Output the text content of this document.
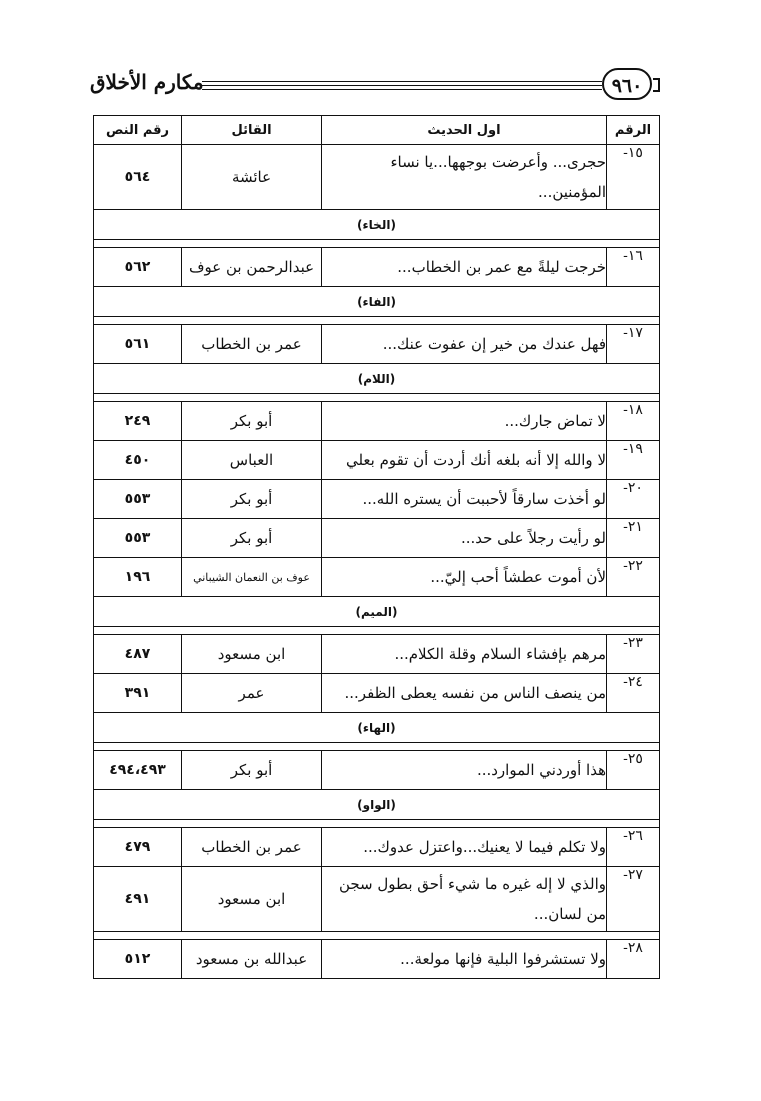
مكارم الأخلاق	٩٦٠
الرقم	اول الحديث	القائل	رقم النص
١٥-	حجرى... وأعرضت بوجهها...يا نساء المؤمنين...	عائشة	٥٦٤
(الخاء)			

١٦-	خرجت ليلةً مع عمر بن الخطاب...	عبدالرحمن بن عوف	٥٦٢
(الفاء)			

١٧-	فهل عندك من خير إن عفوت عنك...	عمر بن الخطاب	٥٦١
(اللام)			

١٨-	لا تماض جارك...	أبو بكر	٢٤٩
١٩-	لا والله إلا أنه بلغه أنك أردت أن تقوم بعلي	العباس	٤٥٠
٢٠-	لو أخذت سارقاً لأحببت أن يستره الله...	أبو بكر	٥٥٣
٢١-	لو رأيت رجلاً على حد...	أبو بكر	٥٥٣
٢٢-	لأن أموت عطشاً أحب إليّ...	عوف بن النعمان الشيباني	١٩٦
(الميم)			

٢٣-	مرهم بإفشاء السلام وقلة الكلام...	ابن مسعود	٤٨٧
٢٤-	من ينصف الناس من نفسه يعطى الظفر...	عمر	٣٩١
(الهاء)			

٢٥-	هذا أوردني الموارد...	أبو بكر	٤٩٤،٤٩٣
(الواو)			

٢٦-	ولا تكلم فيما لا يعنيك...واعتزل عدوك...	عمر بن الخطاب	٤٧٩
٢٧-	والذي لا إله غيره ما شيء أحق بطول سجن من لسان...	ابن مسعود	٤٩١

٢٨-	ولا تستشرفوا البلية فإنها مولعة...	عبدالله بن مسعود	٥١٢
